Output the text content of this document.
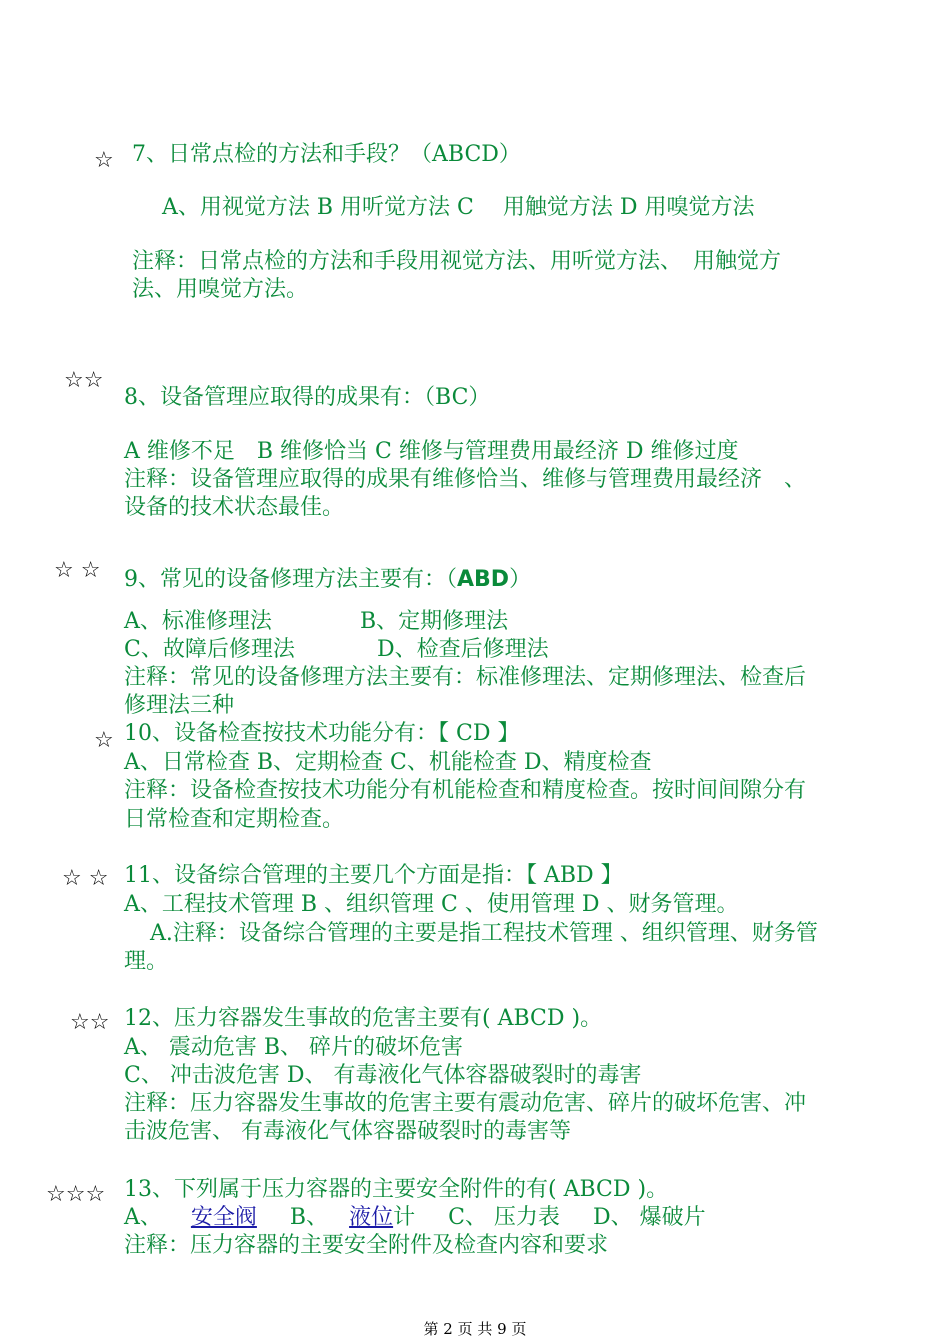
☆ 7、日常点检的方法和手段？（ABCD）
A、用视觉方法 B 用听觉方法 C　 用触觉方法 D 用嗅觉方法
注释：日常点检的方法和手段用视觉方法、用听觉方法、　用触觉方
法、用嗅觉方法。
☆☆
8、设备管理应取得的成果有：（BC）
A 维修不足　B 维修恰当 C 维修与管理费用最经济 D 维修过度
注释：设备管理应取得的成果有维修恰当、维修与管理费用最经济　、
设备的技术状态最佳。
☆ ☆ 9、常见的设备修理方法主要有：（ABD）
A、标准修理法	B、定期修理法
C、故障后修理法	D、检查后修理法
注释：常见的设备修理方法主要有：标准修理法、定期修理法、检查后
修理法三种
☆ 10、设备检查按技术功能分有：【 CD 】
A、日常检查 B、定期检查 C、机能检查 D、精度检查
注释：设备检查按技术功能分有机能检查和精度检查。按时间间隙分有
日常检查和定期检查。
☆ ☆ 11、设备综合管理的主要几个方面是指：【 ABD 】
A、工程技术管理 B 、组织管理 C 、使用管理 D 、财务管理。
A.注释：设备综合管理的主要是指工程技术管理 、组织管理、财务管
理。
☆☆ 12、压力容器发生事故的危害主要有( ABCD )。
A、 震动危害 B、 碎片的破坏危害
C、 冲击波危害 D、 有毒液化气体容器破裂时的毒害
注释：压力容器发生事故的危害主要有震动危害、碎片的破坏危害、冲
击波危害、 有毒液化气体容器破裂时的毒害等
☆☆☆ 13、下列属于压力容器的主要安全附件的有( ABCD )。
A、 安全阀 B、 液位计 C、 压力表 D、 爆破片
注释：压力容器的主要安全附件及检查内容和要求
第 2 页 共 9 页
